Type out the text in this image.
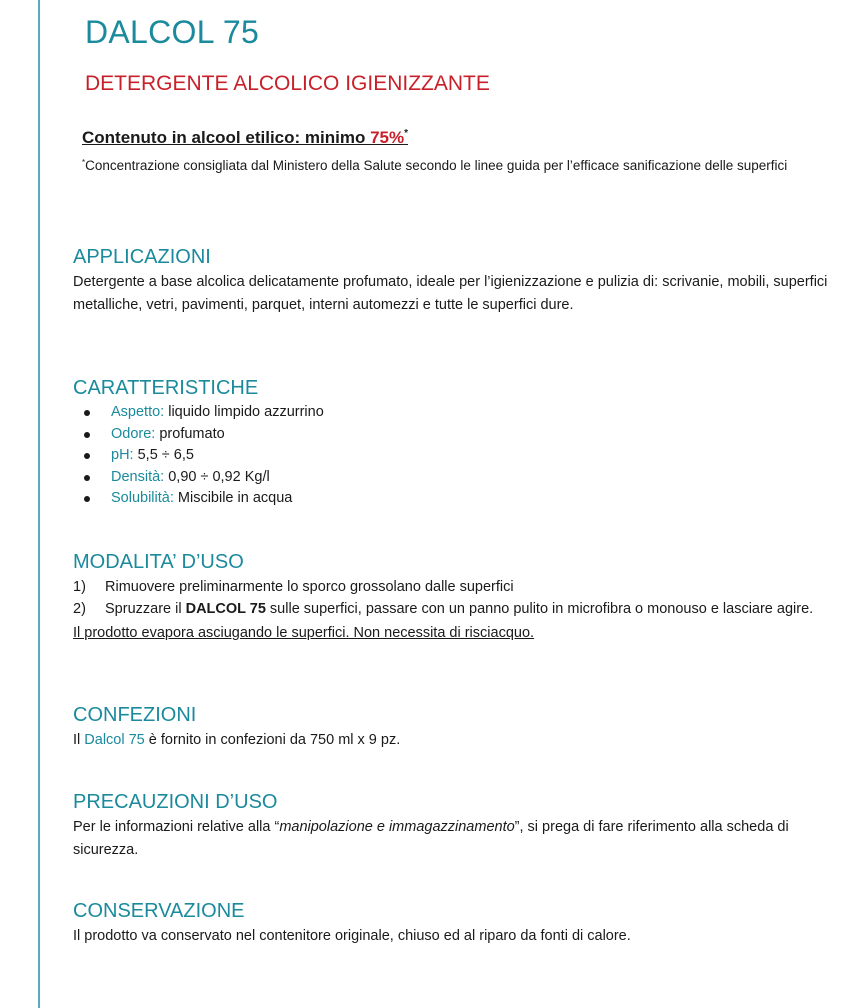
DALCOL 75
DETERGENTE ALCOLICO IGIENIZZANTE

Contenuto in alcool etilico: minimo 75%*

*Concentrazione consigliata dal Ministero della Salute secondo le linee guida per l’efficace sanificazione delle superfici

APPLICAZIONI

Detergente a base alcolica delicatamente profumato, ideale per l’igienizzazione e pulizia di: scrivanie, mobili, superfici metalliche, vetri, pavimenti, parquet, interni automezzi e tutte le superfici dure.

CARATTERISTICHE
Aspetto: liquido limpido azzurrino
Odore: profumato
pH: 5,5 ÷ 6,5
Densità: 0,90 ÷ 0,92 Kg/l
Solubilità: Miscibile in acqua
MODALITA’ D’USO
1) Rimuovere preliminarmente lo sporco grossolano dalle superfici
2) Spruzzare il DALCOL 75 sulle superfici, passare con un panno pulito in microfibra o monouso e lasciare agire.

Il prodotto evapora asciugando le superfici. Non necessita di risciacquo.

CONFEZIONI

Il Dalcol 75 è fornito in confezioni da 750 ml x 9 pz.

PRECAUZIONI D’USO

Per le informazioni relative alla “manipolazione e immagazzinamento”, si prega di fare riferimento alla scheda di sicurezza.

CONSERVAZIONE

Il prodotto va conservato nel contenitore originale, chiuso ed al riparo da fonti di calore.
